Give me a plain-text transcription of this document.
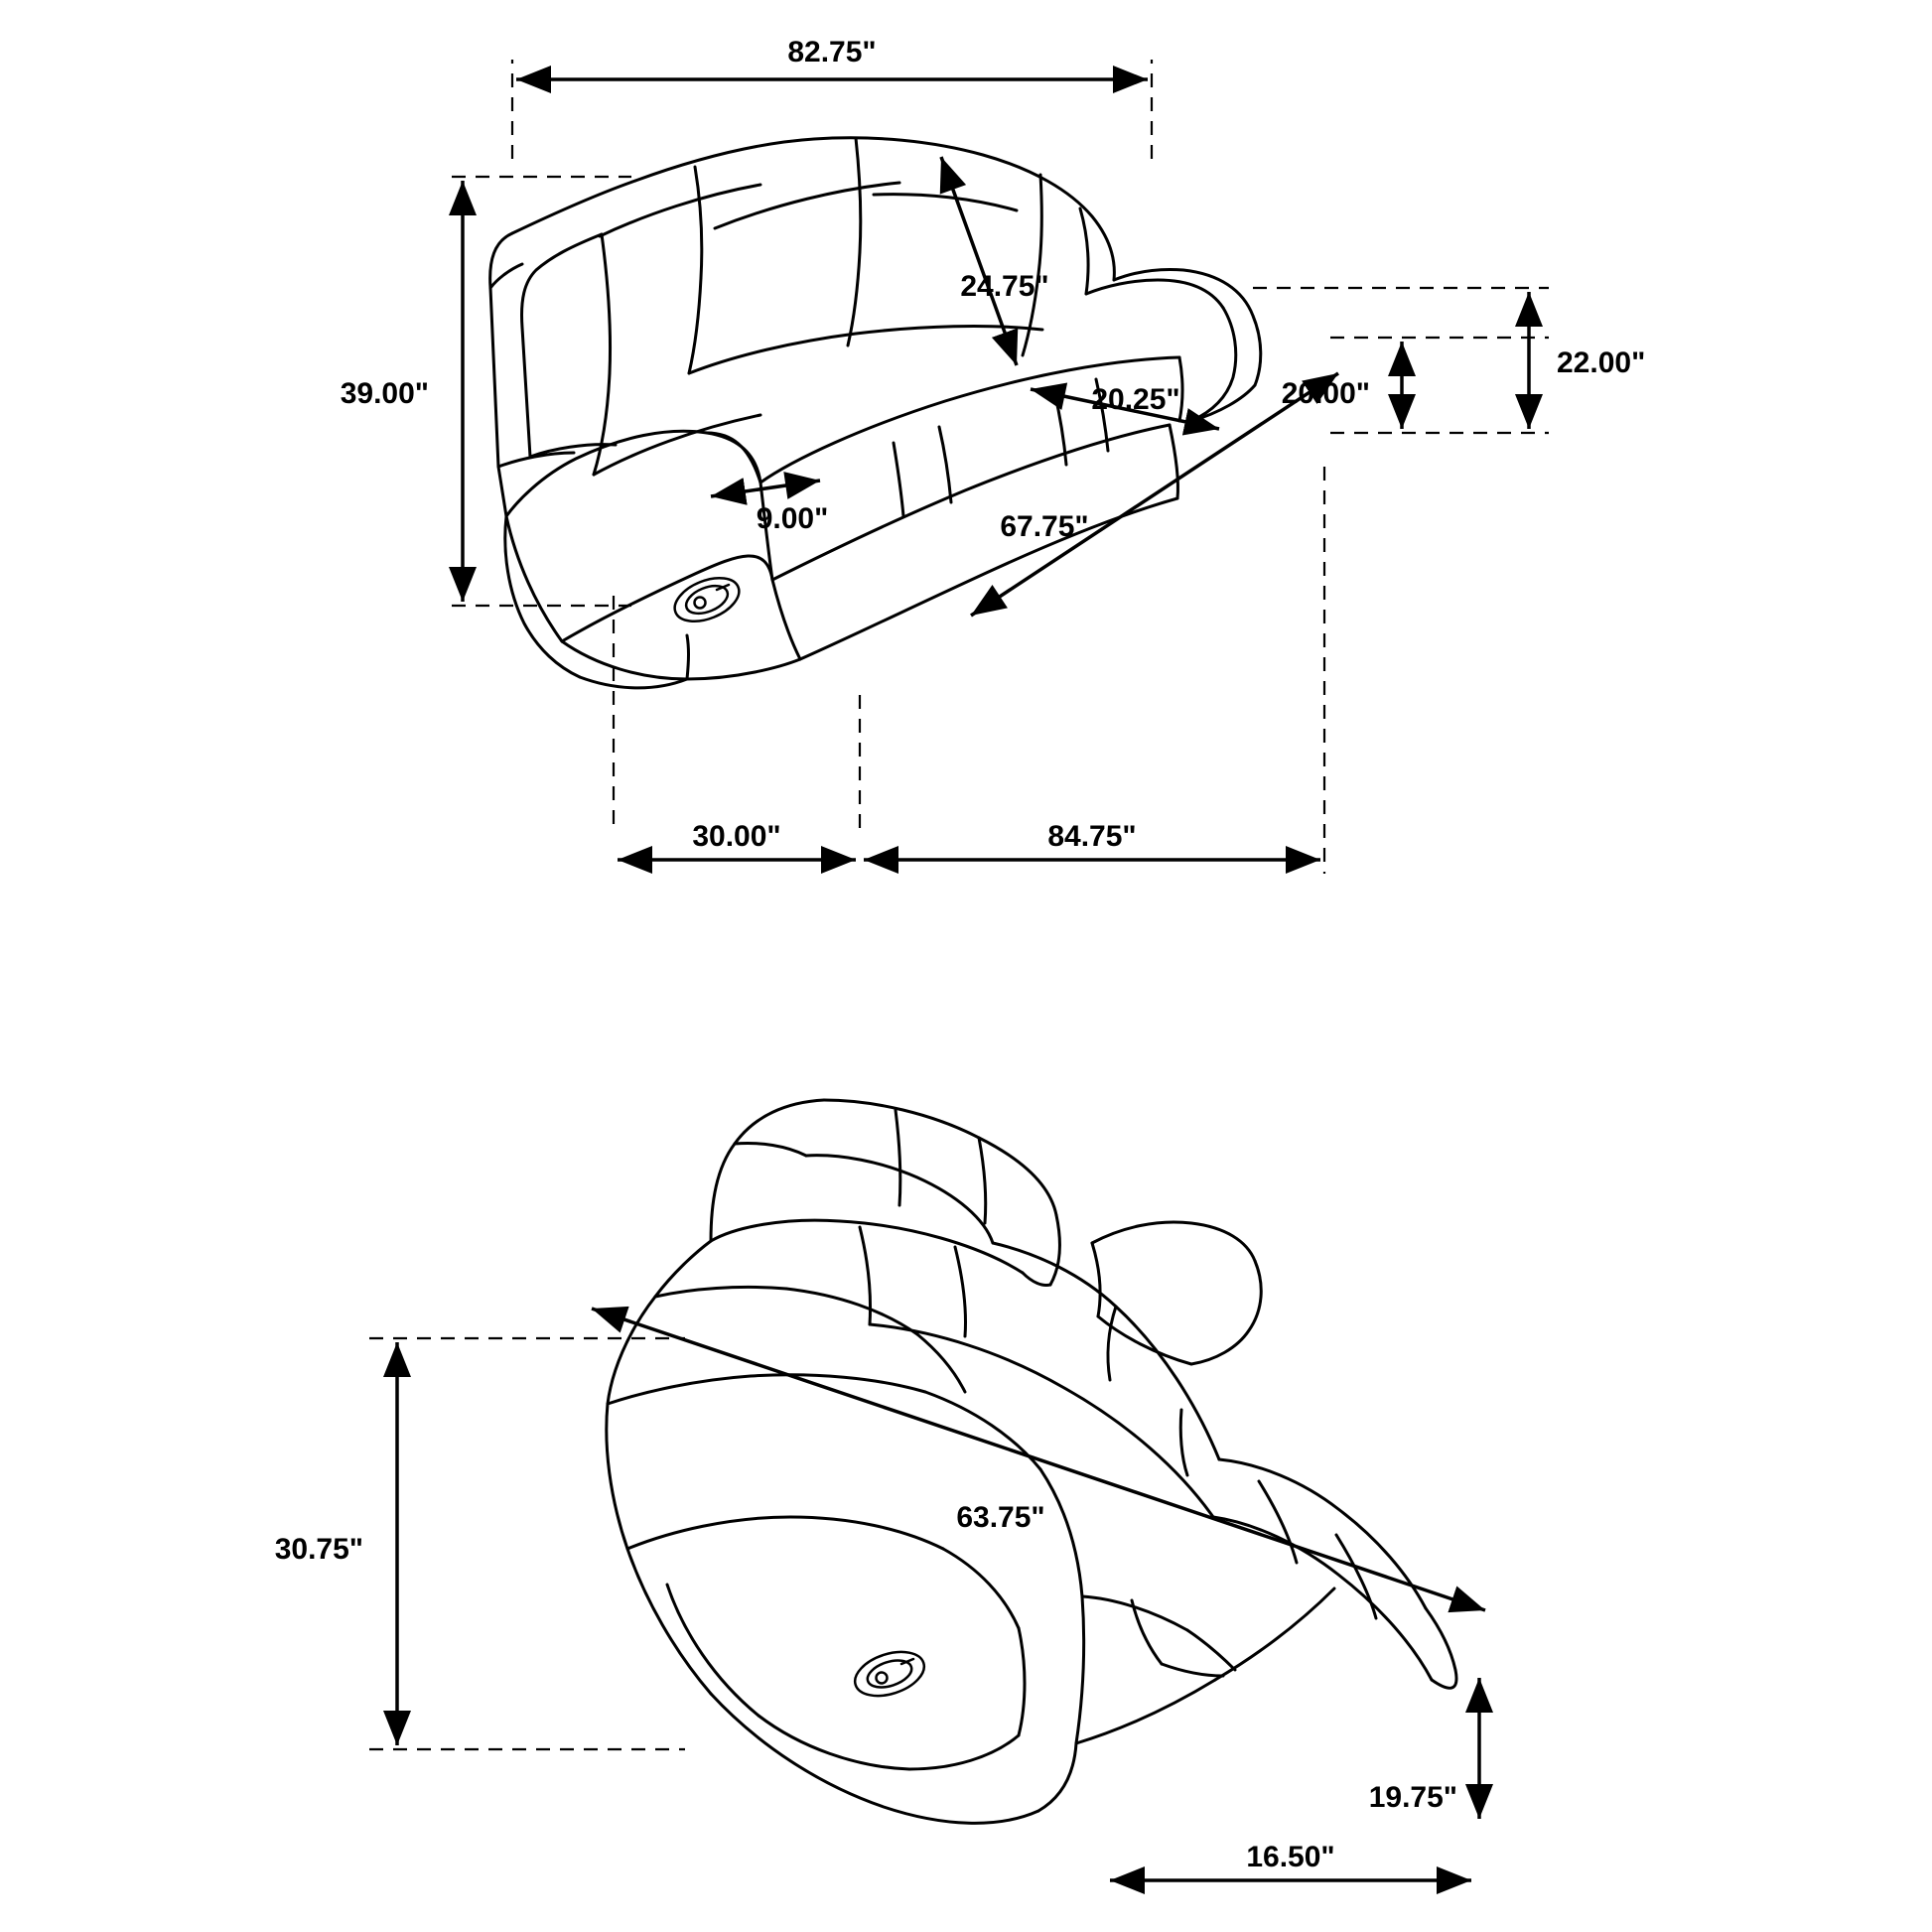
82.75"
24.75"
20.25"
22.00"
20.00"
39.00"
9.00"	67.75"
30.00"	84.75"
30.75"
63.75"
19.75"
16.50"
